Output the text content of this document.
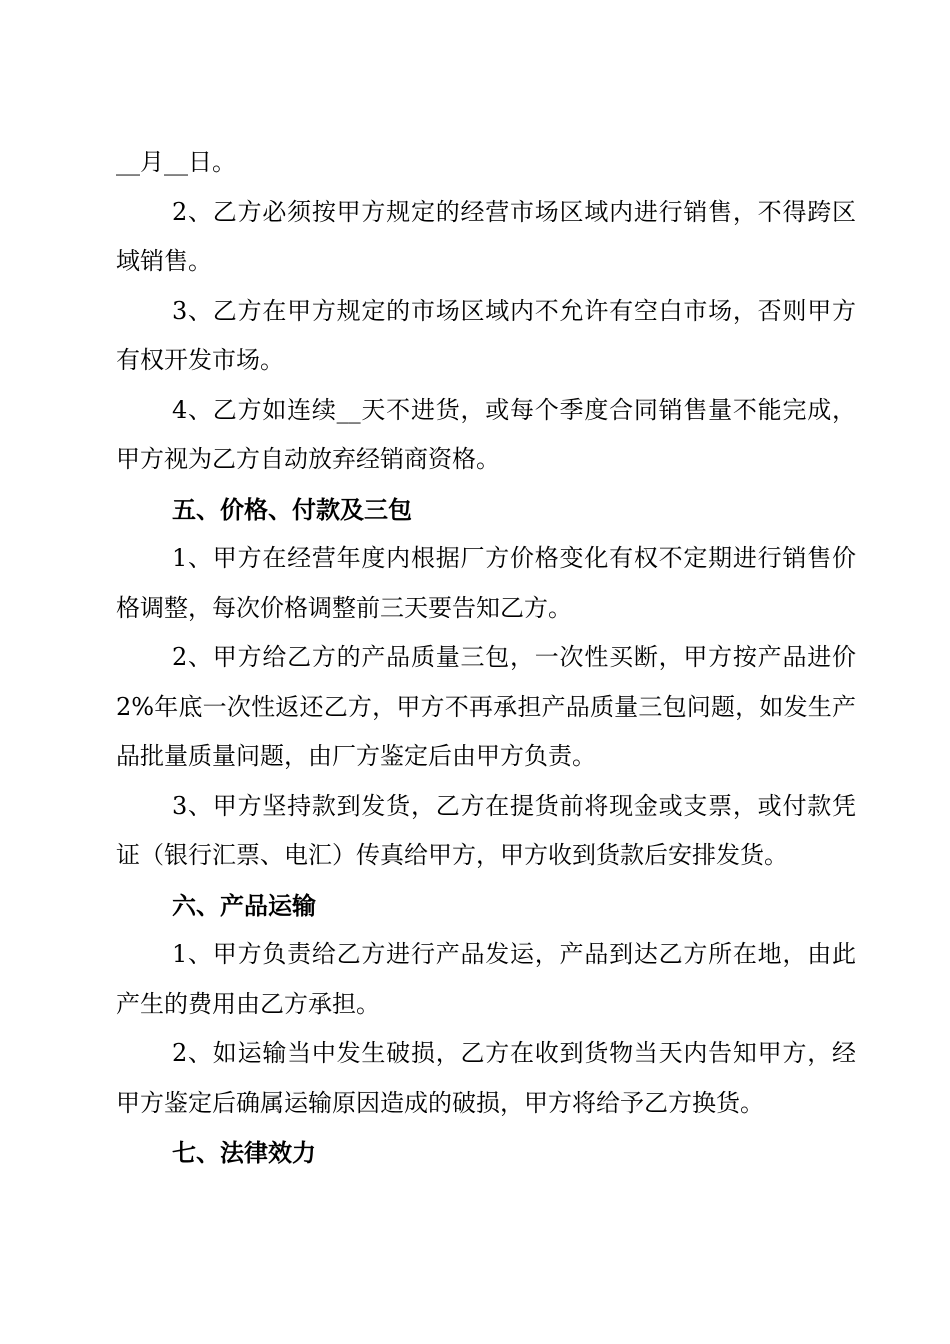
__月__日。

2、乙方必须按甲方规定的经营市场区域内进行销售，不得跨区域销售。

3、乙方在甲方规定的市场区域内不允许有空白市场，否则甲方有权开发市场。

4、乙方如连续__天不进货，或每个季度合同销售量不能完成，甲方视为乙方自动放弃经销商资格。

五、价格、付款及三包

1、甲方在经营年度内根据厂方价格变化有权不定期进行销售价格调整，每次价格调整前三天要告知乙方。

2、甲方给乙方的产品质量三包，一次性买断，甲方按产品进价2%年底一次性返还乙方，甲方不再承担产品质量三包问题，如发生产品批量质量问题，由厂方鉴定后由甲方负责。

3、甲方坚持款到发货，乙方在提货前将现金或支票，或付款凭证（银行汇票、电汇）传真给甲方，甲方收到货款后安排发货。

六、产品运输

1、甲方负责给乙方进行产品发运，产品到达乙方所在地，由此产生的费用由乙方承担。

2、如运输当中发生破损，乙方在收到货物当天内告知甲方，经甲方鉴定后确属运输原因造成的破损，甲方将给予乙方换货。

七、法律效力
